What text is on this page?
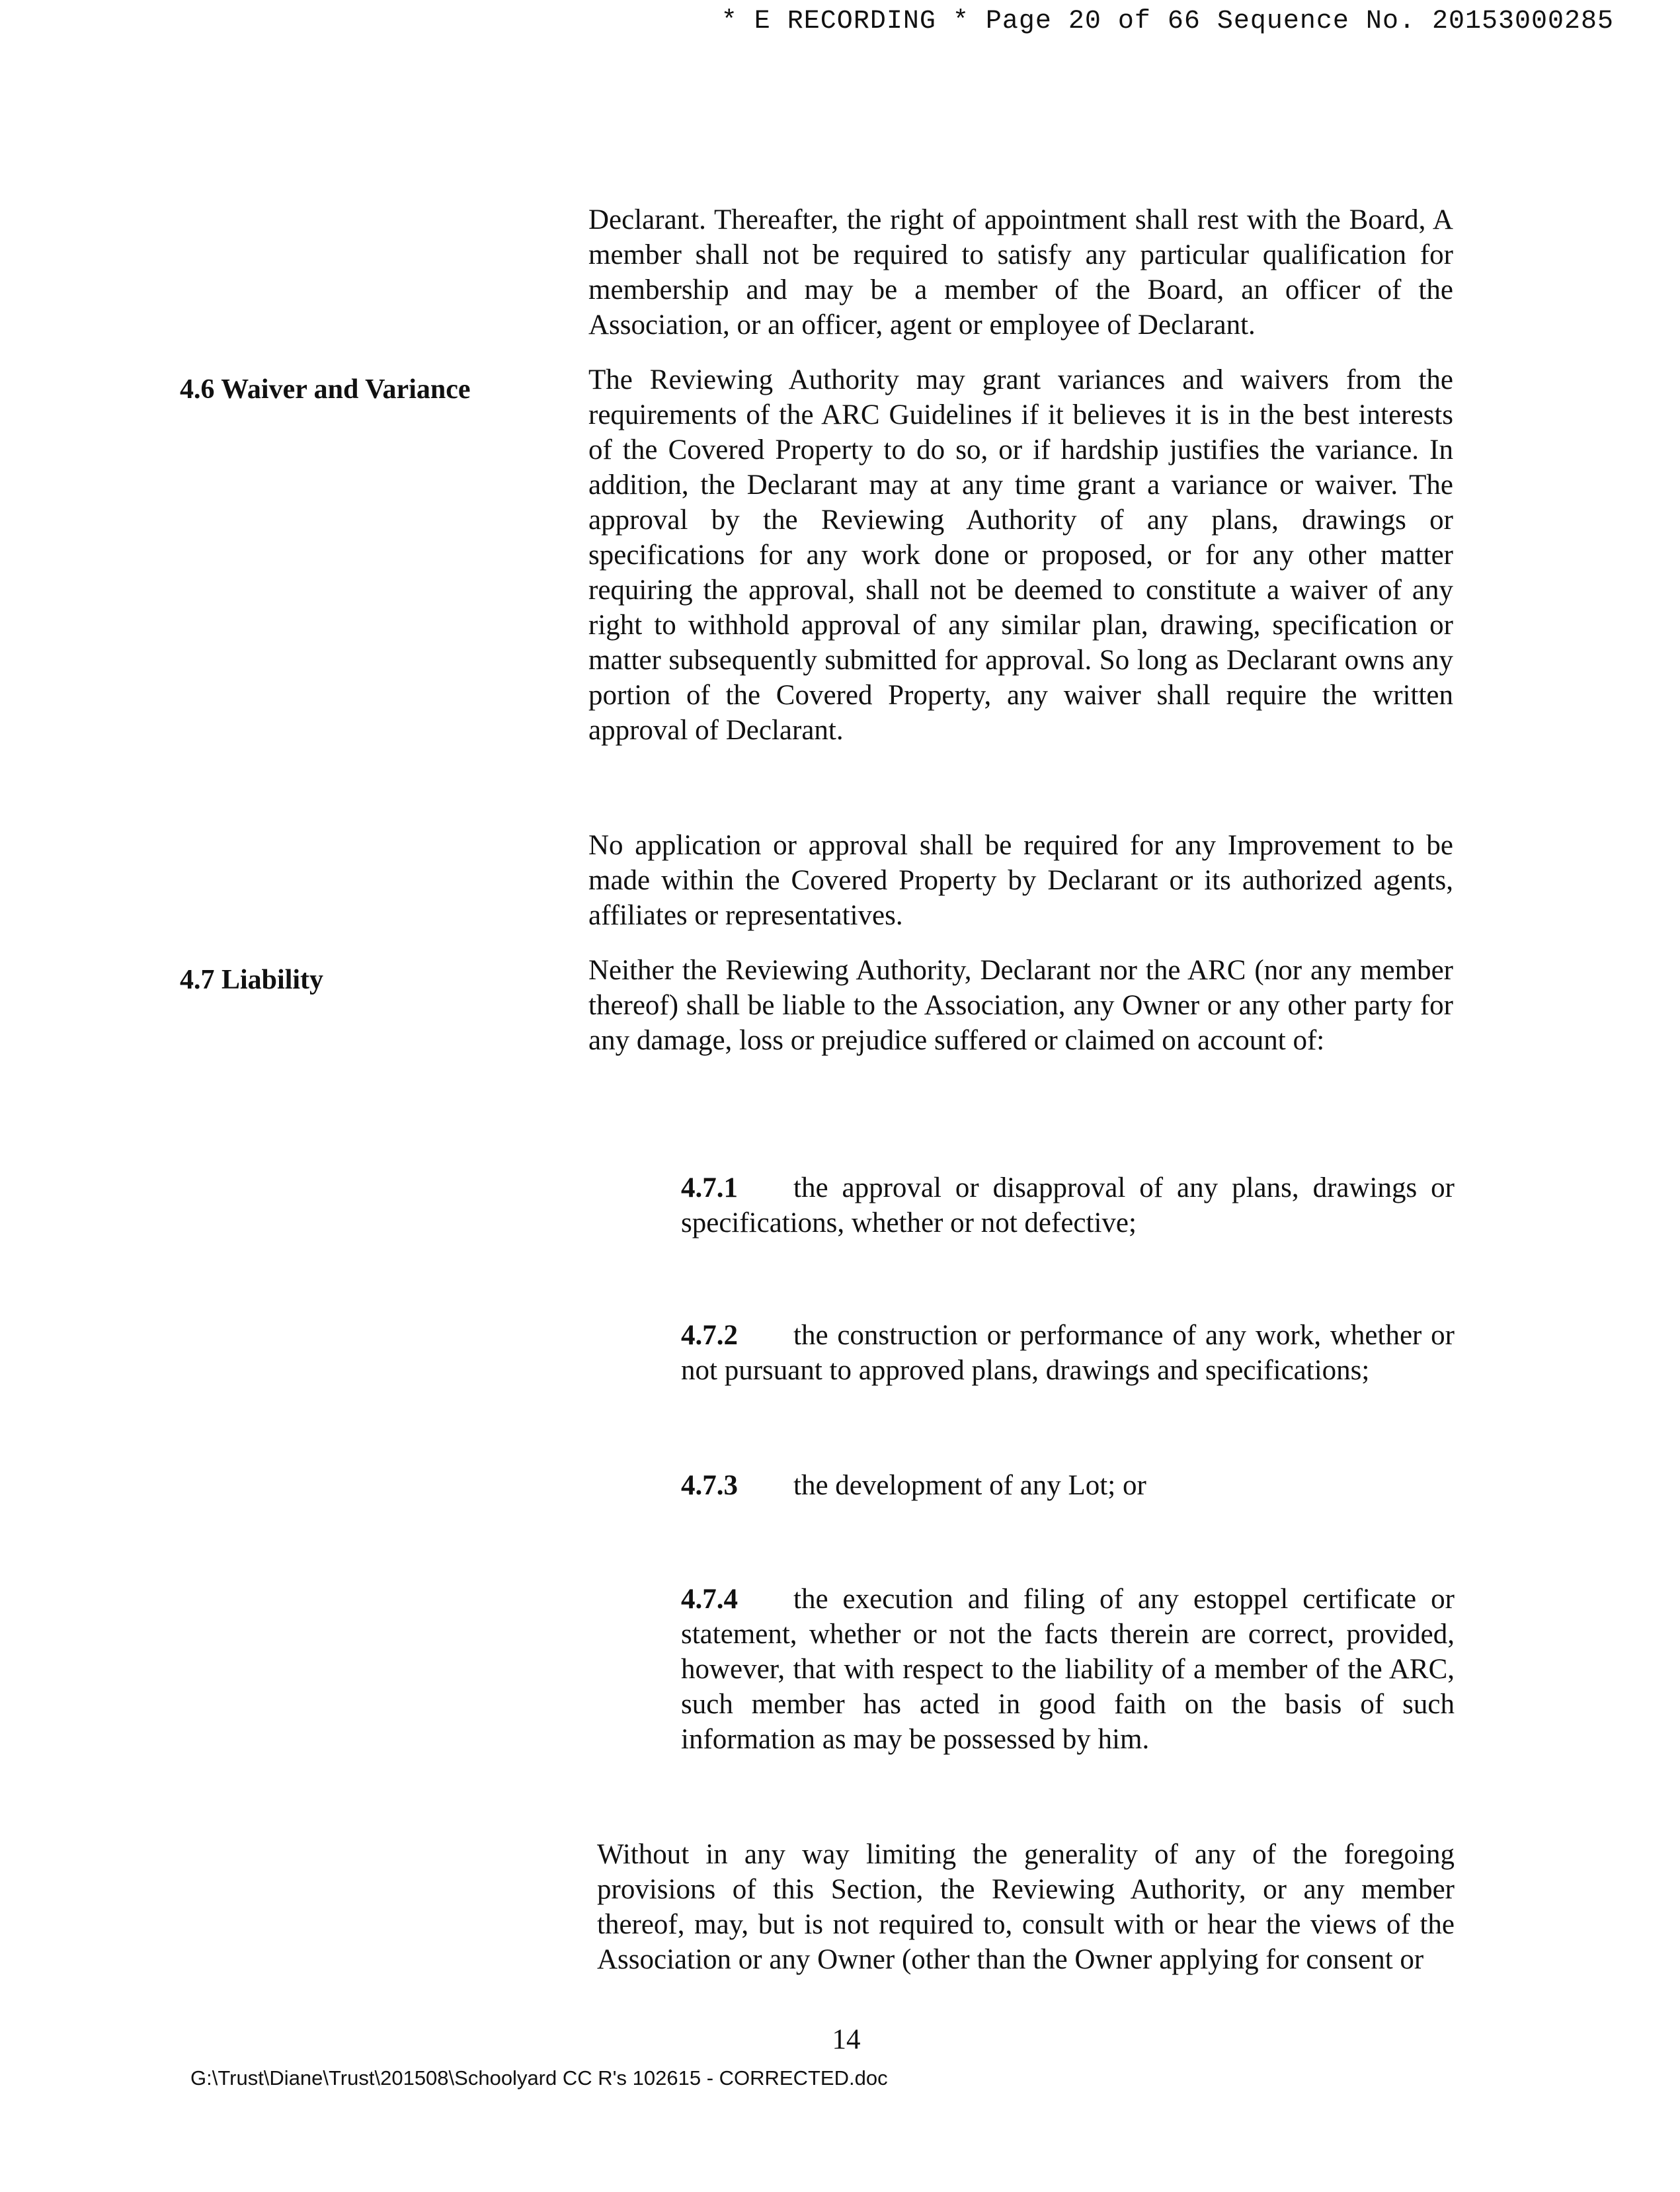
* E RECORDING * Page 20 of 66 Sequence No. 20153000285

Declarant. Thereafter, the right of appointment shall rest with the Board, A member shall not be required to satisfy any particular qualification for membership and may be a member of the Board, an officer of the Association, or an officer, agent or employee of Declarant.

4.6 Waiver and Variance	The Reviewing Authority may grant variances and waivers from the requirements of the ARC Guidelines if it believes it is in the best interests of the Covered Property to do so, or if hardship justifies the variance. In addition, the Declarant may at any time grant a variance or waiver. The approval by the Reviewing Authority of any plans, drawings or specifications for any work done or proposed, or for any other matter requiring the approval, shall not be deemed to constitute a waiver of any right to withhold approval of any similar plan, drawing, specification or matter subsequently submitted for approval. So long as Declarant owns any portion of the Covered Property, any waiver shall require the written approval of Declarant.

No application or approval shall be required for any Improvement to be made within the Covered Property by Declarant or its authorized agents, affiliates or representatives.

4.7 Liability	Neither the Reviewing Authority, Declarant nor the ARC (nor any member thereof) shall be liable to the Association, any Owner or any other party for any damage, loss or prejudice suffered or claimed on account of:

4.7.1 the approval or disapproval of any plans, drawings or specifications, whether or not defective;

4.7.2 the construction or performance of any work, whether or not pursuant to approved plans, drawings and specifications;

4.7.3 the development of any Lot; or

4.7.4 the execution and filing of any estoppel certificate or statement, whether or not the facts therein are correct, provided, however, that with respect to the liability of a member of the ARC, such member has acted in good faith on the basis of such information as may be possessed by him.

Without in any way limiting the generality of any of the foregoing provisions of this Section, the Reviewing Authority, or any member thereof, may, but is not required to, consult with or hear the views of the Association or any Owner (other than the Owner applying for consent or

14
G:\Trust\Diane\Trust\201508\Schoolyard CC R's 102615 - CORRECTED.doc
